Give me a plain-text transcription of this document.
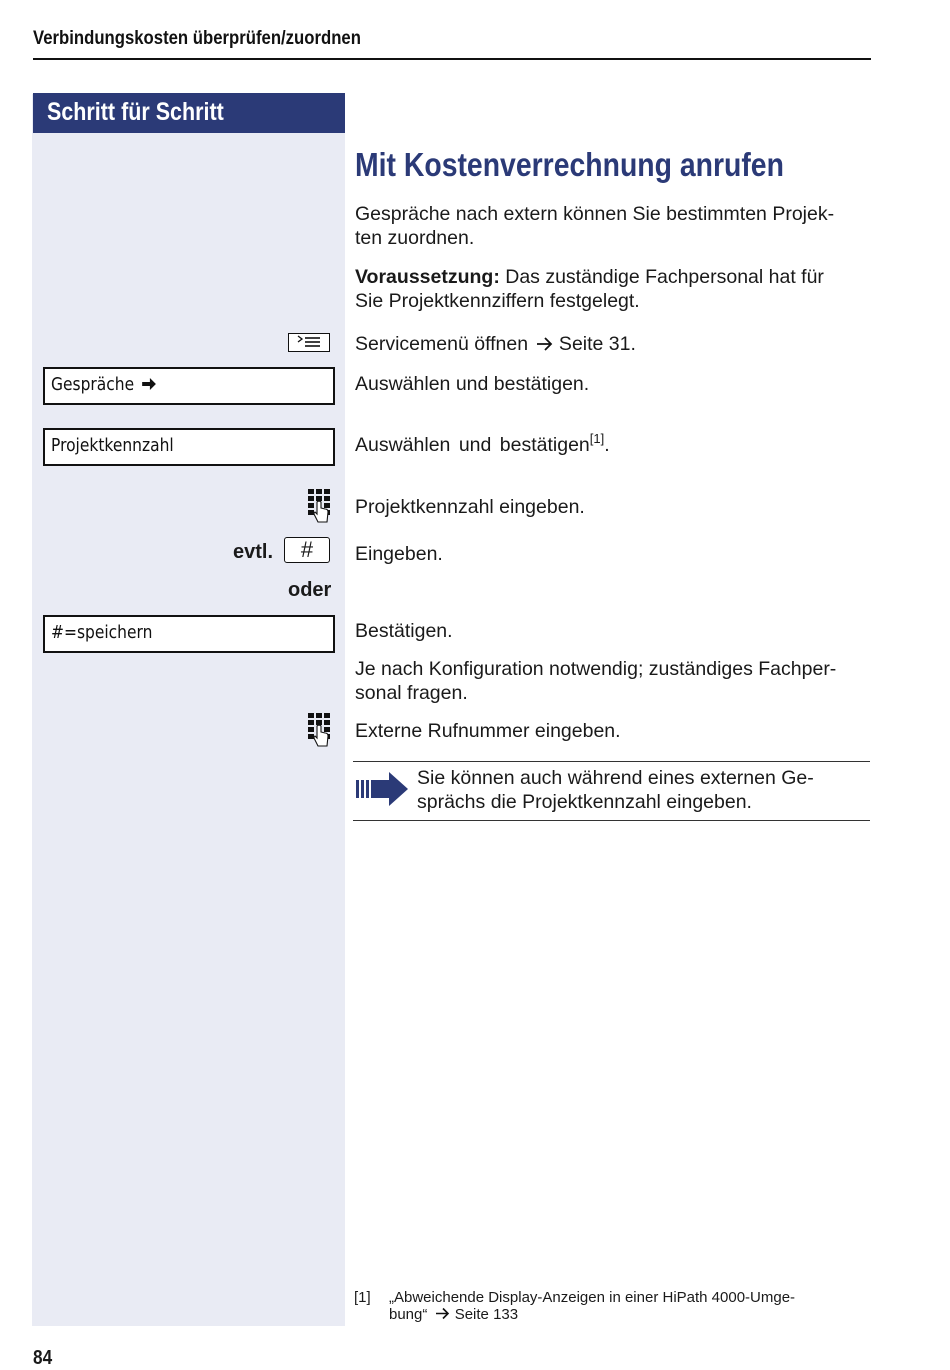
Verbindungskosten überprüfen/zuordnen
Schritt für Schritt
Gespräche
Projektkennzahl
#=speichern
evtl.	#
oder
Mit Kostenverrechnung anrufen
Gespräche nach extern können Sie bestimmten Projek-
ten zuordnen.
Voraussetzung: Das zuständige Fachpersonal hat für
Sie Projektkennziffern festgelegt.
Servicemenü öffnen  Seite 31.
Auswählen und bestätigen.
Auswählen und bestätigen[1].
Projektkennzahl eingeben.
Eingeben.
Bestätigen.
Je nach Konfiguration notwendig; zuständiges Fachper-
sonal fragen.
Externe Rufnummer eingeben.
Sie können auch während eines externen Ge-
sprächs die Projektkennzahl eingeben.
[1] „Abweichende Display-Anzeigen in einer HiPath 4000-Umge-
bung“  Seite 133
84
